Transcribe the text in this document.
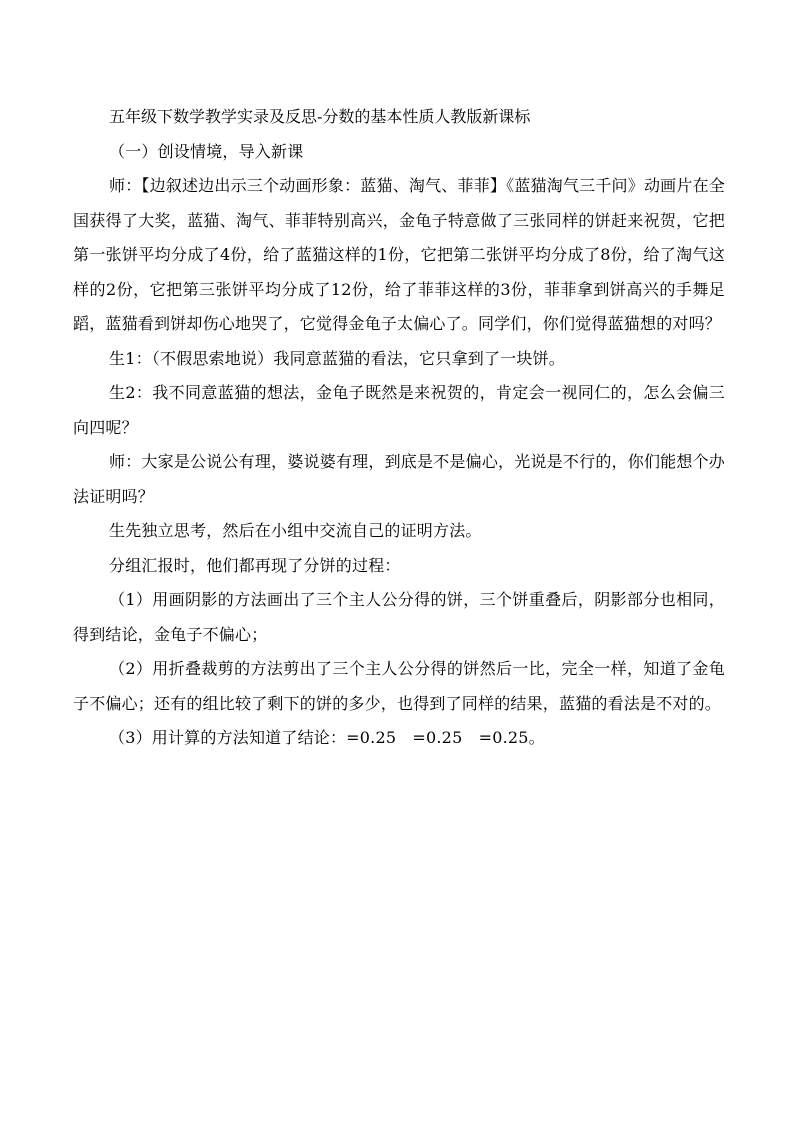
五年级下数学教学实录及反思-分数的基本性质人教版新课标

（一）创设情境，导入新课

师：【边叙述边出示三个动画形象：蓝猫、淘气、菲菲】《蓝猫淘气三千问》动画片在全国获得了大奖，蓝猫、淘气、菲菲特别高兴，金龟子特意做了三张同样的饼赶来祝贺，它把第一张饼平均分成了4份，给了蓝猫这样的1份，它把第二张饼平均分成了8份，给了淘气这样的2份，它把第三张饼平均分成了12份，给了菲菲这样的3份，菲菲拿到饼高兴的手舞足蹈，蓝猫看到饼却伤心地哭了，它觉得金龟子太偏心了。同学们，你们觉得蓝猫想的对吗？

生1：（不假思索地说）我同意蓝猫的看法，它只拿到了一块饼。

生2：我不同意蓝猫的想法，金龟子既然是来祝贺的，肯定会一视同仁的，怎么会偏三向四呢？

师：大家是公说公有理，婆说婆有理，到底是不是偏心，光说是不行的，你们能想个办法证明吗？

生先独立思考，然后在小组中交流自己的证明方法。

分组汇报时，他们都再现了分饼的过程：

（1）用画阴影的方法画出了三个主人公分得的饼，三个饼重叠后，阴影部分也相同，得到结论，金龟子不偏心；

（2）用折叠裁剪的方法剪出了三个主人公分得的饼然后一比，完全一样，知道了金龟子不偏心；还有的组比较了剩下的饼的多少，也得到了同样的结果，蓝猫的看法是不对的。

（3）用计算的方法知道了结论：=0.25　=0.25　=0.25。
